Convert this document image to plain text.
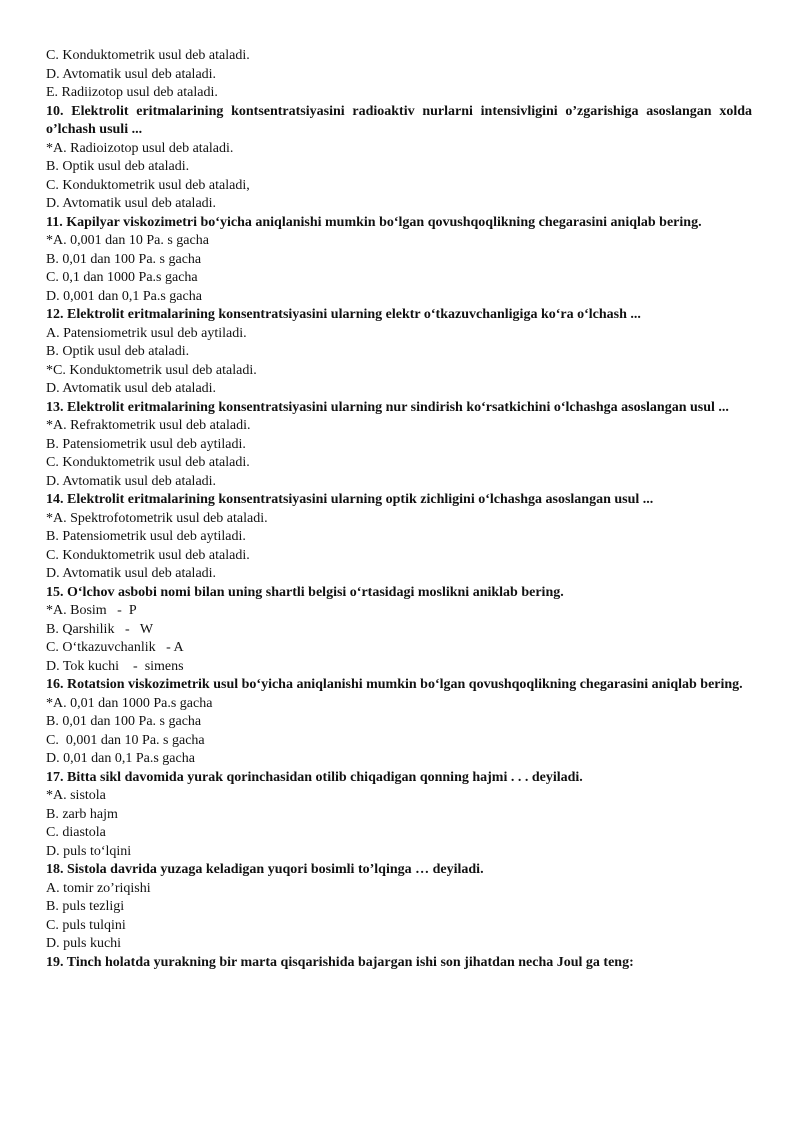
C. Konduktometrik usul deb ataladi.
D. Avtomatik usul deb ataladi.
E. Radiizotop usul deb ataladi.
10. Elektrolit eritmalarining kontsentratsiyasini radioaktiv nurlarni intensivligini o’zgarishiga asoslangan xolda o’lchash usuli ...
*A. Radioizotop usul deb ataladi.
B. Optik usul deb ataladi.
C. Konduktometrik usul deb ataladi,
D. Avtomatik usul deb ataladi.
11. Kapilyar viskozimetri bo‘yicha aniqlanishi mumkin bo‘lgan qovushqoqlikning chegarasini aniqlab bering.
*A. 0,001 dan 10 Pa. s gacha
B. 0,01 dan 100 Pa. s gacha
C. 0,1 dan 1000 Pa.s gacha
D. 0,001 dan 0,1 Pa.s gacha
12. Elektrolit eritmalarining konsentratsiyasini ularning elektr o‘tkazuvchanligiga ko‘ra o‘lchash ...
A. Patensiometrik usul deb aytiladi.
B. Optik usul deb ataladi.
*C. Konduktometrik usul deb ataladi.
D. Avtomatik usul deb ataladi.
13. Elektrolit eritmalarining konsentratsiyasini ularning nur sindirish ko‘rsatkichini o‘lchashga asoslangan usul ...
*A. Refraktometrik usul deb ataladi.
B. Patensiometrik usul deb aytiladi.
C. Konduktometrik usul deb ataladi.
D. Avtomatik usul deb ataladi.
14. Elektrolit eritmalarining konsentratsiyasini ularning optik zichligini o‘lchashga asoslangan usul ...
*A. Spektrofotometrik usul deb ataladi.
B. Patensiometrik usul deb aytiladi.
C. Konduktometrik usul deb ataladi.
D. Avtomatik usul deb ataladi.
15. O‘lchov asbobi nomi bilan uning shartli belgisi o‘rtasidagi moslikni aniklab bering.
*A. Bosim   -  P
B. Qarshilik   -   W
C. O‘tkazuvchanlik   - A
D. Tok kuchi    -  simens
16. Rotatsion viskozimetrik usul bo‘yicha aniqlanishi mumkin bo‘lgan qovushqoqlikning chegarasini aniqlab bering.
*A. 0,01 dan 1000 Pa.s gacha
B. 0,01 dan 100 Pa. s gacha
C.  0,001 dan 10 Pa. s gacha
D. 0,01 dan 0,1 Pa.s gacha
17. Bitta sikl davomida yurak qorinchasidan otilib chiqadigan qonning hajmi . . . deyiladi.
*A. sistola
B. zarb hajm
C. diastola
D. puls to‘lqini
18. Sistola davrida yuzaga keladigan yuqori bosimli to’lqinga … deyiladi.
A. tomir zo’riqishi
B. puls tezligi
C. puls tulqini
D. puls kuchi
19. Tinch holatda yurakning bir marta qisqarishida bajargan ishi son jihatdan necha Joul ga teng:
